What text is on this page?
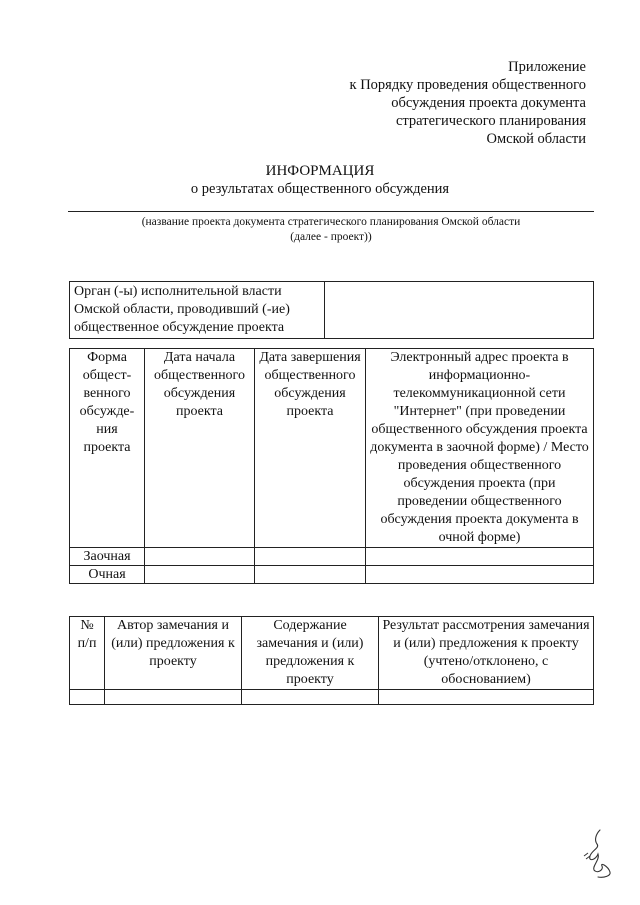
Приложение
к Порядку проведения общественного
обсуждения проекта документа
стратегического планирования
Омской области
ИНФОРМАЦИЯ
о результатах общественного обсуждения
(название проекта документа стратегического планирования Омской области
(далее - проект))
Орган (-ы) исполнительной власти Омской области, проводивший (-ие) общественное обсуждение проекта	
Форма общест-венного обсужде-ния проекта	Дата начала общественного обсуждения проекта	Дата завершения общественного обсуждения проекта	Электронный адрес проекта в информационно-телекоммуникационной сети "Интернет" (при проведении общественного обсуждения проекта документа в заочной форме) / Место проведения общественного обсуждения проекта (при проведении общественного обсуждения проекта документа в очной форме)
Заочная			
Очная			
№ п/п	Автор замечания и (или) предложения к проекту	Содержание замечания и (или) предложения к проекту	Результат рассмотрения замечания и (или) предложения к проекту (учтено/отклонено, с обоснованием)
